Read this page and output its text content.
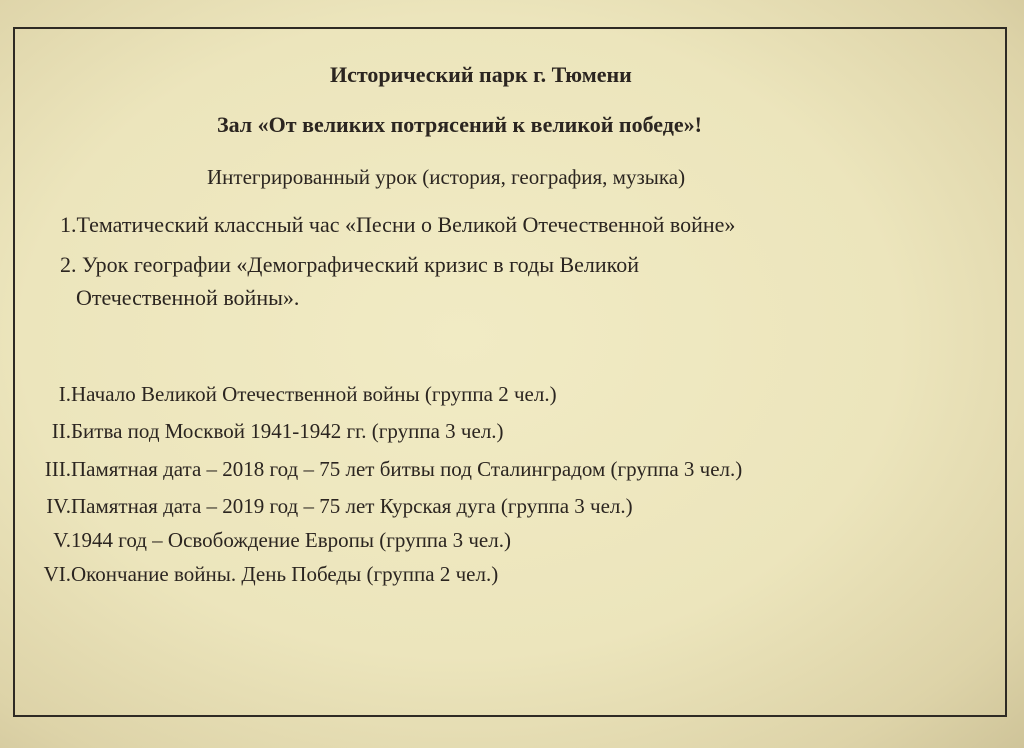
Исторический парк г. Тюмени
Зал «От великих потрясений к великой победе»!
Интегрированный урок (история, география, музыка)
1.Тематический классный час «Песни о Великой Отечественной войне»
2. Урок географии «Демографический кризис в годы Великой
Отечественной войны».
I.Начало Великой Отечественной войны (группа 2 чел.)
II.Битва под Москвой 1941-1942 гг. (группа 3 чел.)
III.Памятная дата – 2018 год – 75 лет битвы под Сталинградом (группа 3 чел.)
IV.Памятная дата – 2019 год – 75 лет Курская дуга (группа 3 чел.)
V.1944 год – Освобождение Европы (группа 3 чел.)
VI.Окончание войны. День Победы (группа 2 чел.)
